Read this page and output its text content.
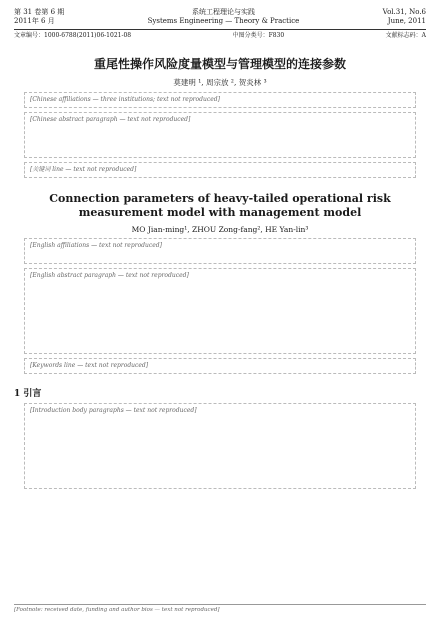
第 31 卷第 6 期
2011年 6 月
系统工程理论与实践
Systems Engineering — Theory & Practice
Vol.31, No.6
June, 2011
文章编号：1000-6788(2011)06-1021-08	中图分类号：F830	文献标志码：A
重尾性操作风险度量模型与管理模型的连接参数
莫建明 ¹, 周宗放 ², 贺炎林 ³
[Chinese affiliations — three institutions; text not reproduced]
[Chinese abstract paragraph — text not reproduced]
[关键词 line — text not reproduced]
Connection parameters of heavy-tailed operational risk measurement model with management model
MO Jian-ming¹, ZHOU Zong-fang², HE Yan-lin³
[English affiliations — text not reproduced]
[English abstract paragraph — text not reproduced]
[Keywords line — text not reproduced]
1 引言
[Introduction body paragraphs — text not reproduced]
[Footnote: received date, funding and author bios — text not reproduced]
